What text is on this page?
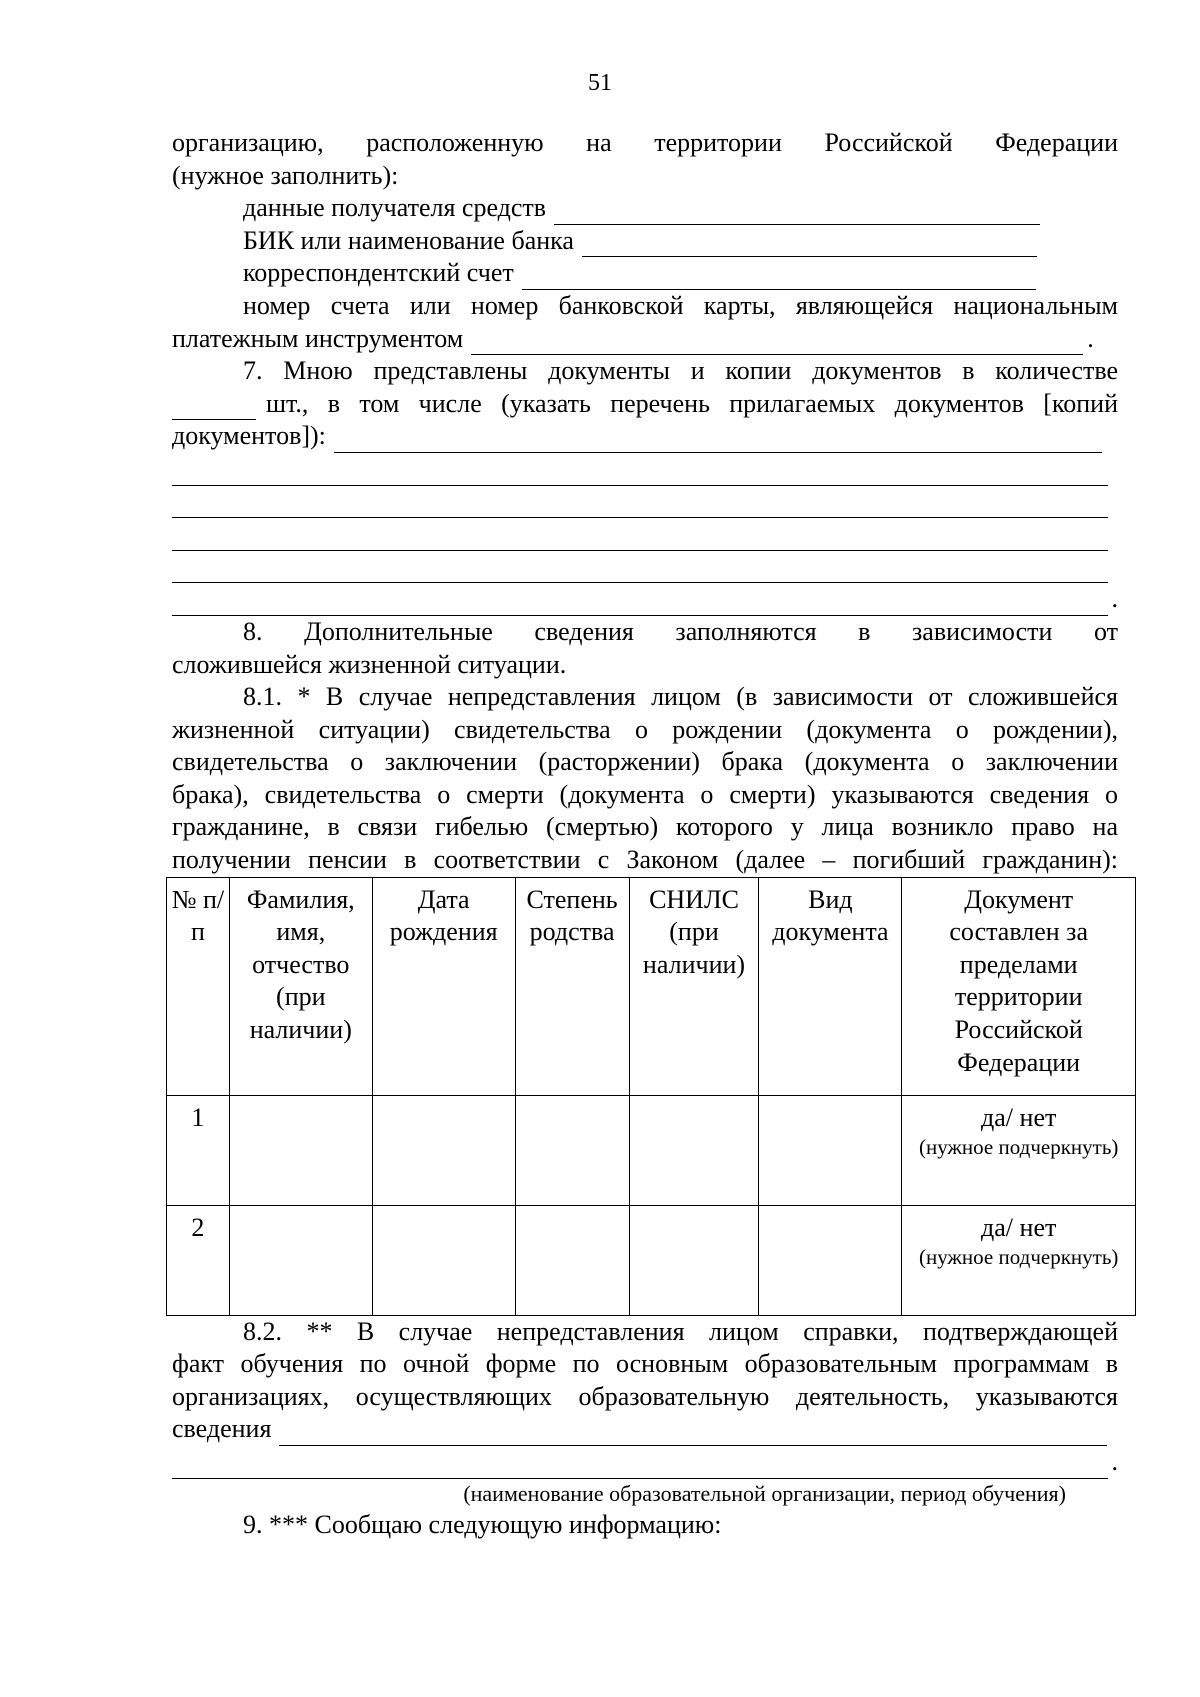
51

организацию, расположенную на территории Российской Федерации

(нужное заполнить):

данные получателя средств
БИК или наименование банка
корреспондентский счет

номер счета или номер банковской карты, являющейся национальным

платежным инструментом	.

7. Мною представлены документы и копии документов в количестве

шт., в том числе (указать перечень прилагаемых документов [копий
документов]):
.

8. Дополнительные сведения заполняются в зависимости от

сложившейся жизненной ситуации.

8.1. * В случае непредставления лицом (в зависимости от сложившейся

жизненной ситуации) свидетельства о рождении (документа о рождении),

свидетельства о заключении (расторжении) брака (документа о заключении

брака), свидетельства о смерти (документа о смерти) указываются сведения о

гражданине, в связи гибелью (смертью) которого у лица возникло право на

получении пенсии в соответствии с Законом (далее – погибший гражданин):

№ п/п	Фамилия, имя, отчество (при наличии)	Дата рождения	Степень родства	СНИЛС (при наличии)	Вид документа	Документ составлен за пределами территории Российской Федерации
1						да/ нет
(нужное подчеркнуть)

2						да/ нет
(нужное подчеркнуть)

8.2. ** В случае непредставления лицом справки, подтверждающей

факт обучения по очной форме по основным образовательным программам в

организациях, осуществляющих образовательную деятельность, указываются

сведения
.
(наименование образовательной организации, период обучения)

9. *** Сообщаю следующую информацию:
